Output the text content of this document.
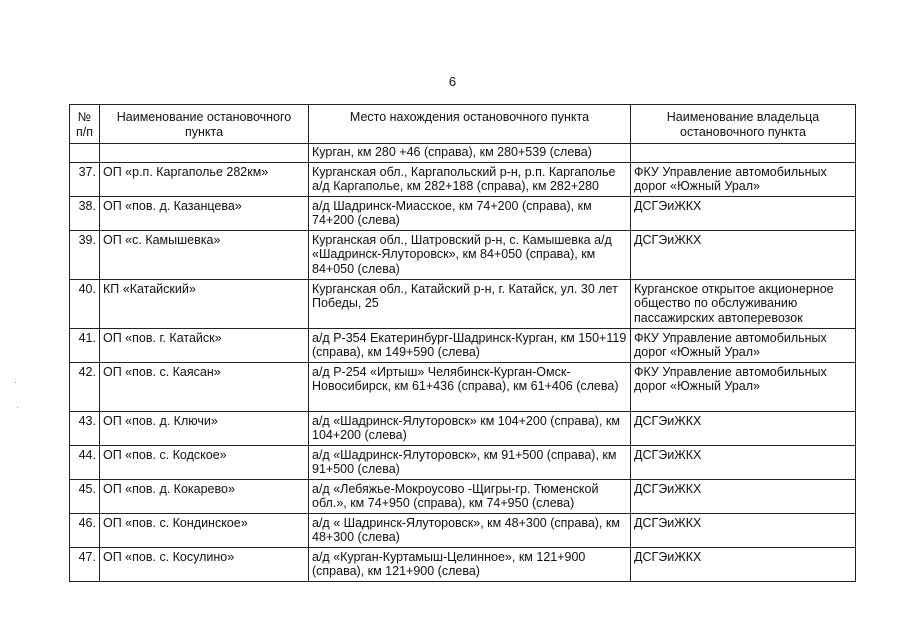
6
№ п/п	Наименование остановочного пункта	Место нахождения остановочного пункта	Наименование владельца остановочного пункта
		Курган, км 280 +46 (справа), км 280+539 (слева)	
37.	ОП «р.п. Каргаполье 282км»	Курганская обл., Каргапольский р-н, р.п. Каргаполье а/д Каргаполье, км 282+188 (справа), км 282+280	ФКУ Управление автомобильных дорог «Южный Урал»
38.	ОП «пов. д. Казанцева»	а/д Шадринск-Миасское, км 74+200 (справа), км 74+200 (слева)	ДСГЭиЖКХ
39.	ОП «с. Камышевка»	Курганская обл., Шатровский р-н, с. Камышевка а/д «Шадринск-Ялуторовск», км 84+050 (справа), км 84+050 (слева)	ДСГЭиЖКХ
40.	КП «Катайский»	Курганская обл., Катайский р-н, г. Катайск, ул. 30 лет Победы, 25	Курганское открытое акционерное общество по обслуживанию пассажирских автоперевозок
41.	ОП «пов. г. Катайск»	а/д Р-354 Екатеринбург-Шадринск-Курган, км 150+119 (справа), км 149+590 (слева)	ФКУ Управление автомобильных дорог «Южный Урал»
42.	ОП «пов. с. Каясан»	а/д Р-254 «Иртыш» Челябинск-Курган-Омск-Новосибирск, км 61+436 (справа), км 61+406 (слева)	ФКУ Управление автомобильных дорог «Южный Урал»
43.	ОП «пов. д. Ключи»	а/д «Шадринск-Ялуторовск» км 104+200 (справа), км 104+200 (слева)	ДСГЭиЖКХ
44.	ОП «пов. с. Кодское»	а/д «Шадринск-Ялуторовск», км 91+500 (справа), км 91+500 (слева)	ДСГЭиЖКХ
45.	ОП «пов. д. Кокарево»	а/д «Лебяжье-Мокроусово -Щигры-гр. Тюменской обл.», км 74+950 (справа), км 74+950 (слева)	ДСГЭиЖКХ
46.	ОП «пов. с. Кондинское»	а/д « Шадринск-Ялуторовск», км 48+300 (справа), км 48+300 (слева)	ДСГЭиЖКХ
47.	ОП «пов. с. Косулино»	а/д «Курган-Куртамыш-Целинное», км 121+900 (справа), км 121+900 (слева)	ДСГЭиЖКХ
